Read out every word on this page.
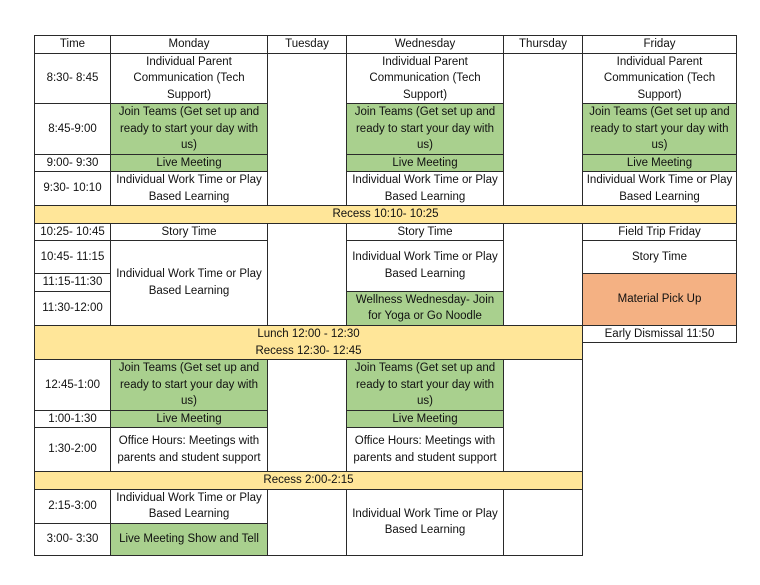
Time	Monday	Tuesday	Wednesday	Thursday	Friday
8:30- 8:45	Individual Parent Communication (Tech Support)		Individual Parent Communication (Tech Support)		Individual Parent Communication (Tech Support)
8:45-9:00	Join Teams (Get set up and ready to start your day with us)		Join Teams (Get set up and ready to start your day with us)		Join Teams (Get set up and ready to start your day with us)
9:00- 9:30	Live Meeting		Live Meeting		Live Meeting
9:30- 10:10	Individual Work Time or Play Based Learning		Individual Work Time or Play Based Learning		Individual Work Time or Play Based Learning
Recess 10:10- 10:25					
10:25- 10:45	Story Time		Story Time		Field Trip Friday
10:45- 11:15	Individual Work Time or Play Based Learning		Individual Work Time or Play Based Learning		Story Time
11:15-11:30					Material Pick Up
11:30-12:00			Wellness Wednesday- Join for Yoga or Go Noodle		
Lunch 12:00 - 12:30					Early Dismissal 11:50
Recess 12:30- 12:45					
12:45-1:00	Join Teams (Get set up and ready to start your day with us)		Join Teams (Get set up and ready to start your day with us)		
1:00-1:30	Live Meeting		Live Meeting		
1:30-2:00	Office Hours: Meetings with parents and student support		Office Hours: Meetings with parents and student support		
Recess 2:00-2:15					
2:15-3:00	Individual Work Time or Play Based Learning		Individual Work Time or Play Based Learning		
3:00- 3:30	Live Meeting Show and Tell				
